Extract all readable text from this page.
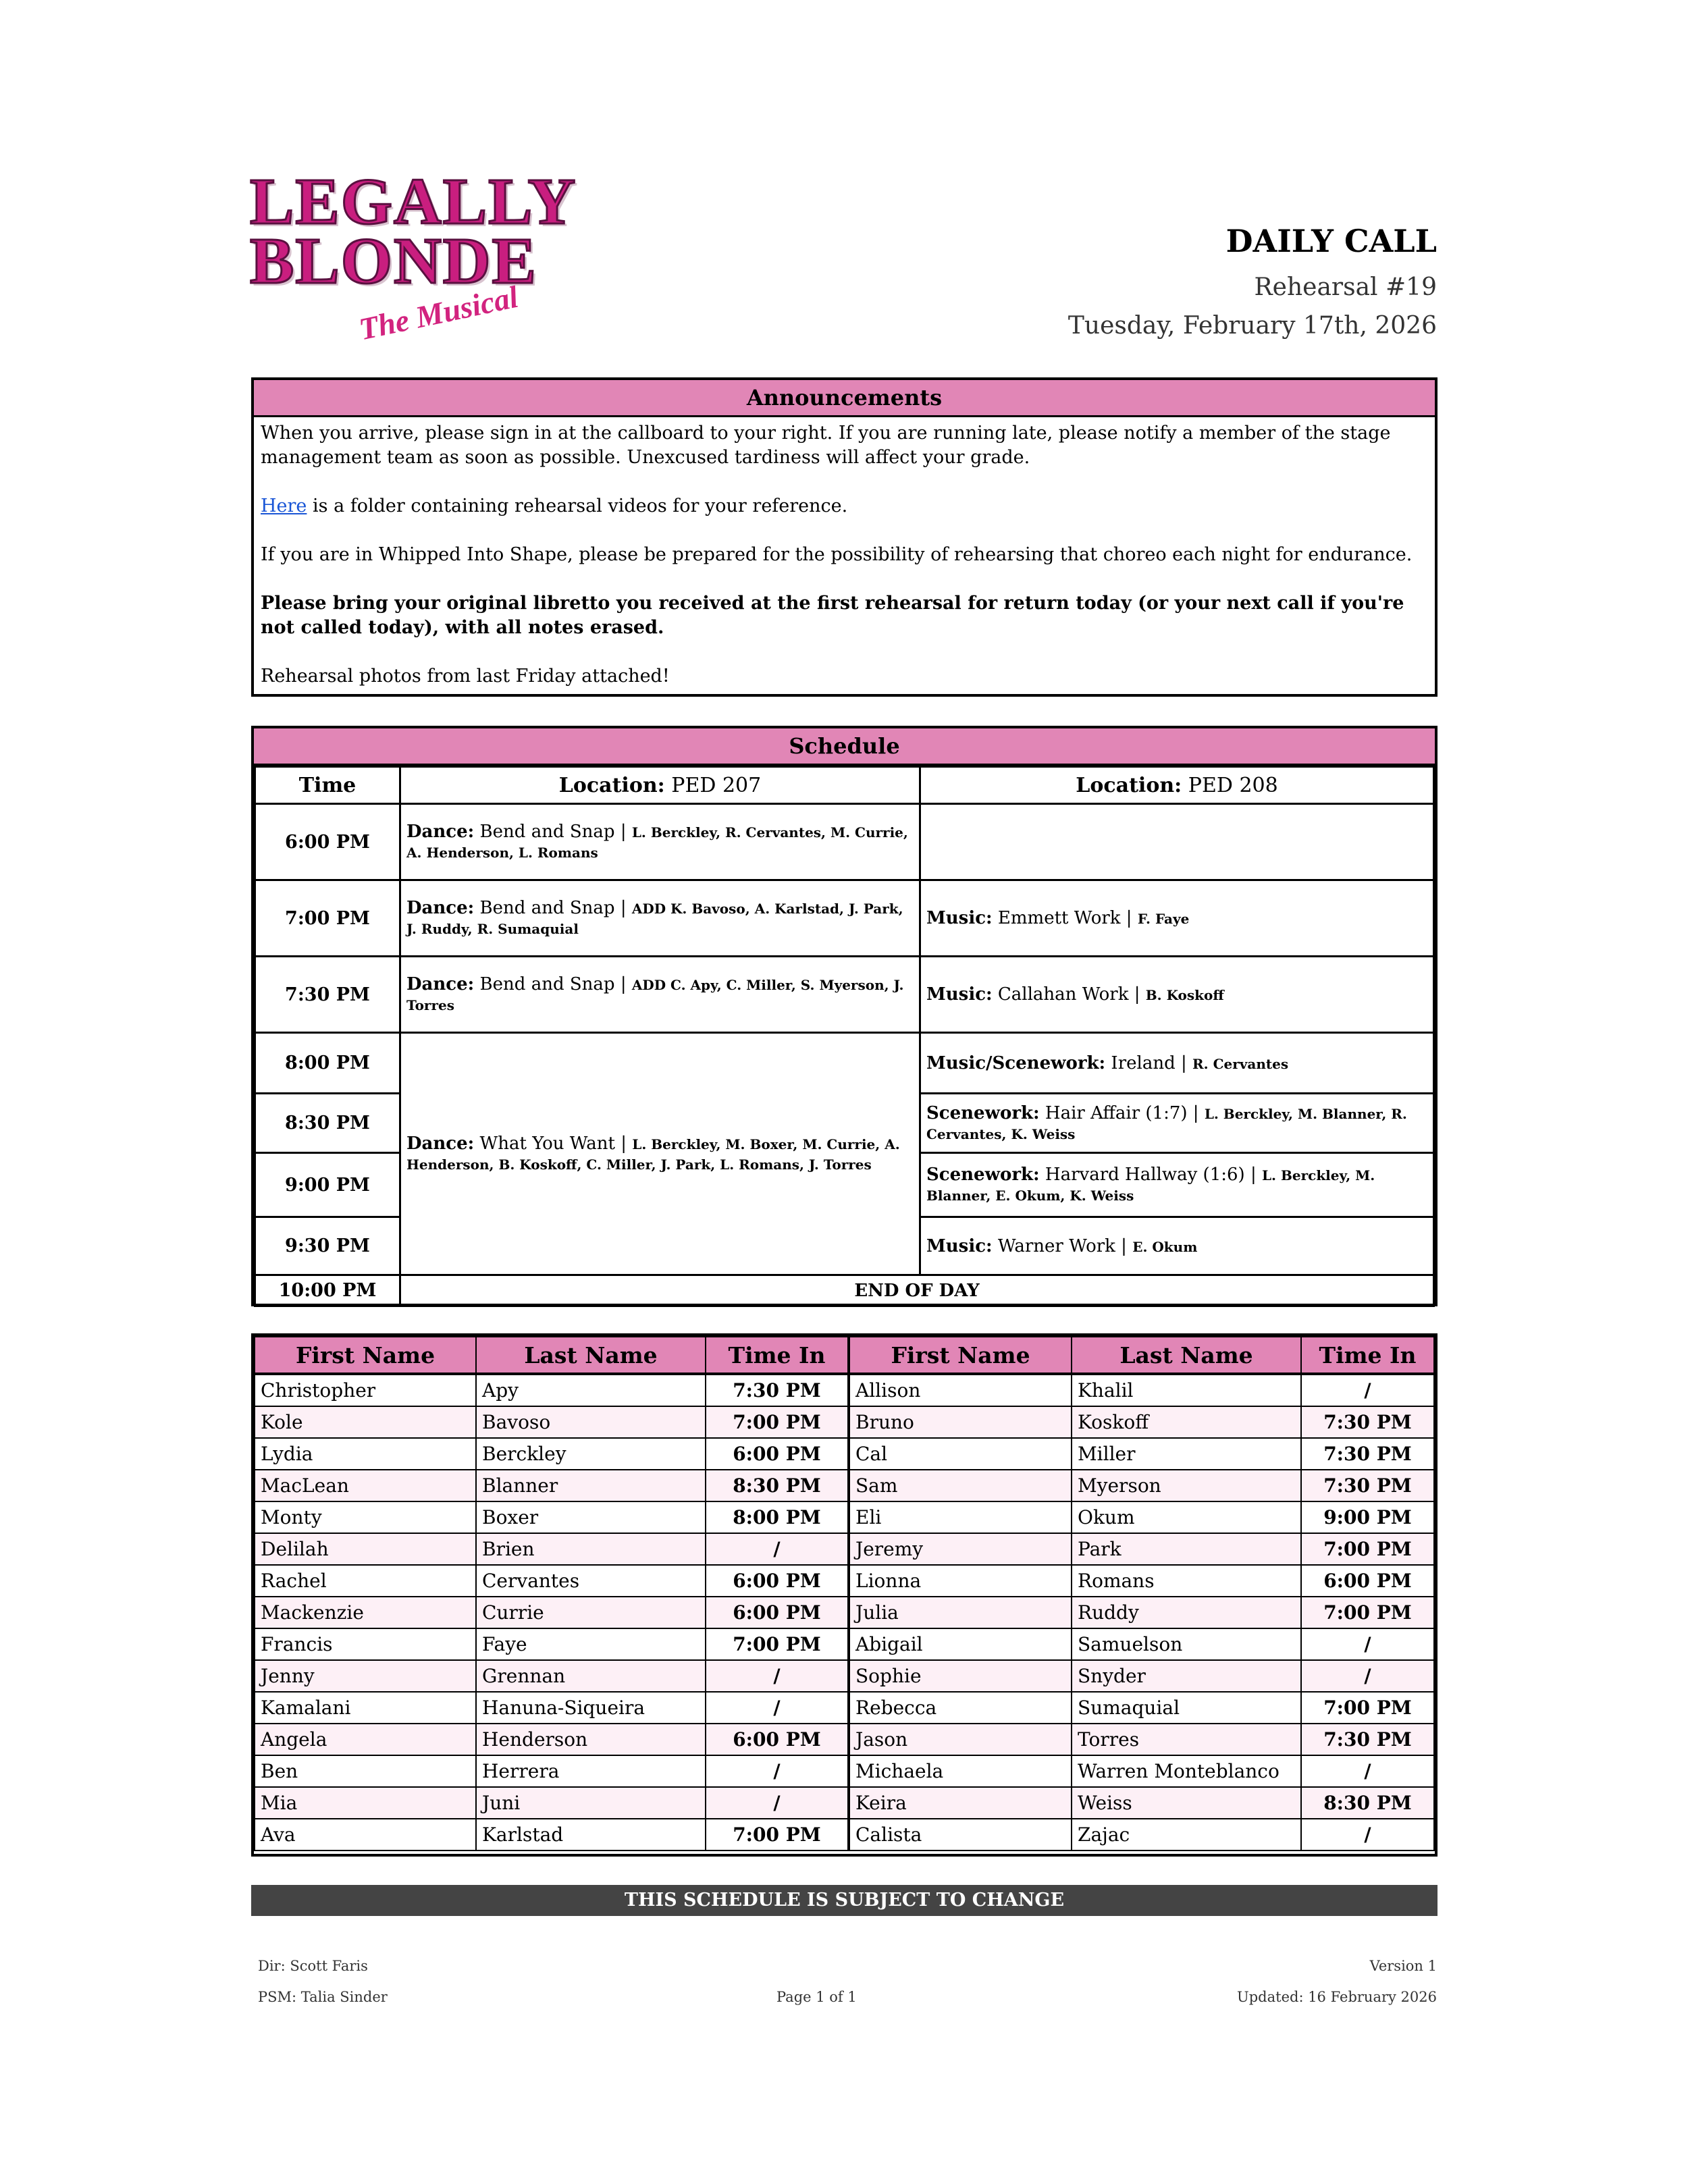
LEGALLY
BLONDE
The Musical
DAILY CALL
Rehearsal #19
Tuesday, February 17th, 2026
Announcements

When you arrive, please sign in at the callboard to your right. If you are running late, please notify a member of the stage management team as soon as possible. Unexcused tardiness will affect your grade.

Here is a folder containing rehearsal videos for your reference.

If you are in Whipped Into Shape, please be prepared for the possibility of rehearsing that choreo each night for endurance.

Please bring your original libretto you received at the first rehearsal for return today (or your next call if you're not called today), with all notes erased.

Rehearsal photos from last Friday attached!

Schedule
Time	Location: PED 207	Location: PED 208
6:00 PM	Dance: Bend and Snap | L. Berckley, R. Cervantes, M. Currie, A. Henderson, L. Romans	
7:00 PM	Dance: Bend and Snap | ADD K. Bavoso, A. Karlstad, J. Park, J. Ruddy, R. Sumaquial	Music: Emmett Work | F. Faye
7:30 PM	Dance: Bend and Snap | ADD C. Apy, C. Miller, S. Myerson, J. Torres	Music: Callahan Work | B. Koskoff
8:00 PM	Dance: What You Want | L. Berckley, M. Boxer, M. Currie, A. Henderson, B. Koskoff, C. Miller, J. Park, L. Romans, J. Torres	Music/Scenework: Ireland | R. Cervantes
8:30 PM		Scenework: Hair Affair (1:7) | L. Berckley, M. Blanner, R. Cervantes, K. Weiss
9:00 PM		Scenework: Harvard Hallway (1:6) | L. Berckley, M. Blanner, E. Okum, K. Weiss
9:30 PM		Music: Warner Work | E. Okum
10:00 PM	END OF DAY	
First Name	Last Name	Time In	First Name	Last Name	Time In
Christopher	Apy	7:30 PM	Allison	Khalil	/
Kole	Bavoso	7:00 PM	Bruno	Koskoff	7:30 PM
Lydia	Berckley	6:00 PM	Cal	Miller	7:30 PM
MacLean	Blanner	8:30 PM	Sam	Myerson	7:30 PM
Monty	Boxer	8:00 PM	Eli	Okum	9:00 PM
Delilah	Brien	/	Jeremy	Park	7:00 PM
Rachel	Cervantes	6:00 PM	Lionna	Romans	6:00 PM
Mackenzie	Currie	6:00 PM	Julia	Ruddy	7:00 PM
Francis	Faye	7:00 PM	Abigail	Samuelson	/
Jenny	Grennan	/	Sophie	Snyder	/
Kamalani	Hanuna-Siqueira	/	Rebecca	Sumaquial	7:00 PM
Angela	Henderson	6:00 PM	Jason	Torres	7:30 PM
Ben	Herrera	/	Michaela	Warren Monteblanco	/
Mia	Juni	/	Keira	Weiss	8:30 PM
Ava	Karlstad	7:00 PM	Calista	Zajac	/
THIS SCHEDULE IS SUBJECT TO CHANGE
Dir: Scott Faris
PSM: Talia Sinder	Page 1 of 1
Version 1
Updated: 16 February 2026
